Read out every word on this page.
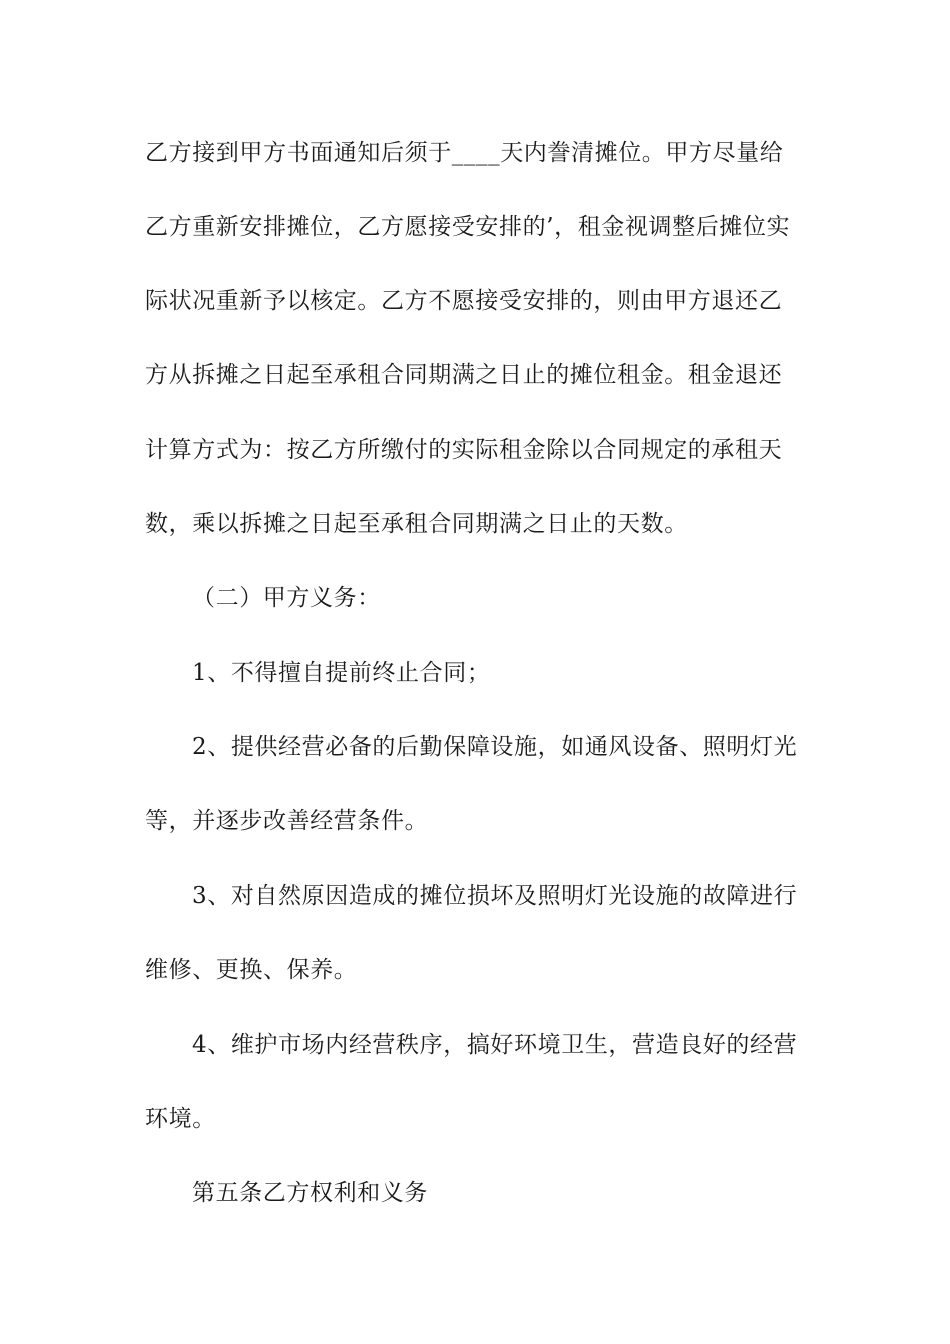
乙方接到甲方书面通知后须于____天内誊清摊位。甲方尽量给
乙方重新安排摊位，乙方愿接受安排的’，租金视调整后摊位实
际状况重新予以核定。乙方不愿接受安排的，则由甲方退还乙
方从拆摊之日起至承租合同期满之日止的摊位租金。租金退还
计算方式为：按乙方所缴付的实际租金除以合同规定的承租天
数，乘以拆摊之日起至承租合同期满之日止的天数。
（二）甲方义务：
1、不得擅自提前终止合同；
2、提供经营必备的后勤保障设施，如通风设备、照明灯光
等，并逐步改善经营条件。
3、对自然原因造成的摊位损坏及照明灯光设施的故障进行
维修、更换、保养。
4、维护市场内经营秩序，搞好环境卫生，营造良好的经营
环境。
第五条乙方权利和义务
